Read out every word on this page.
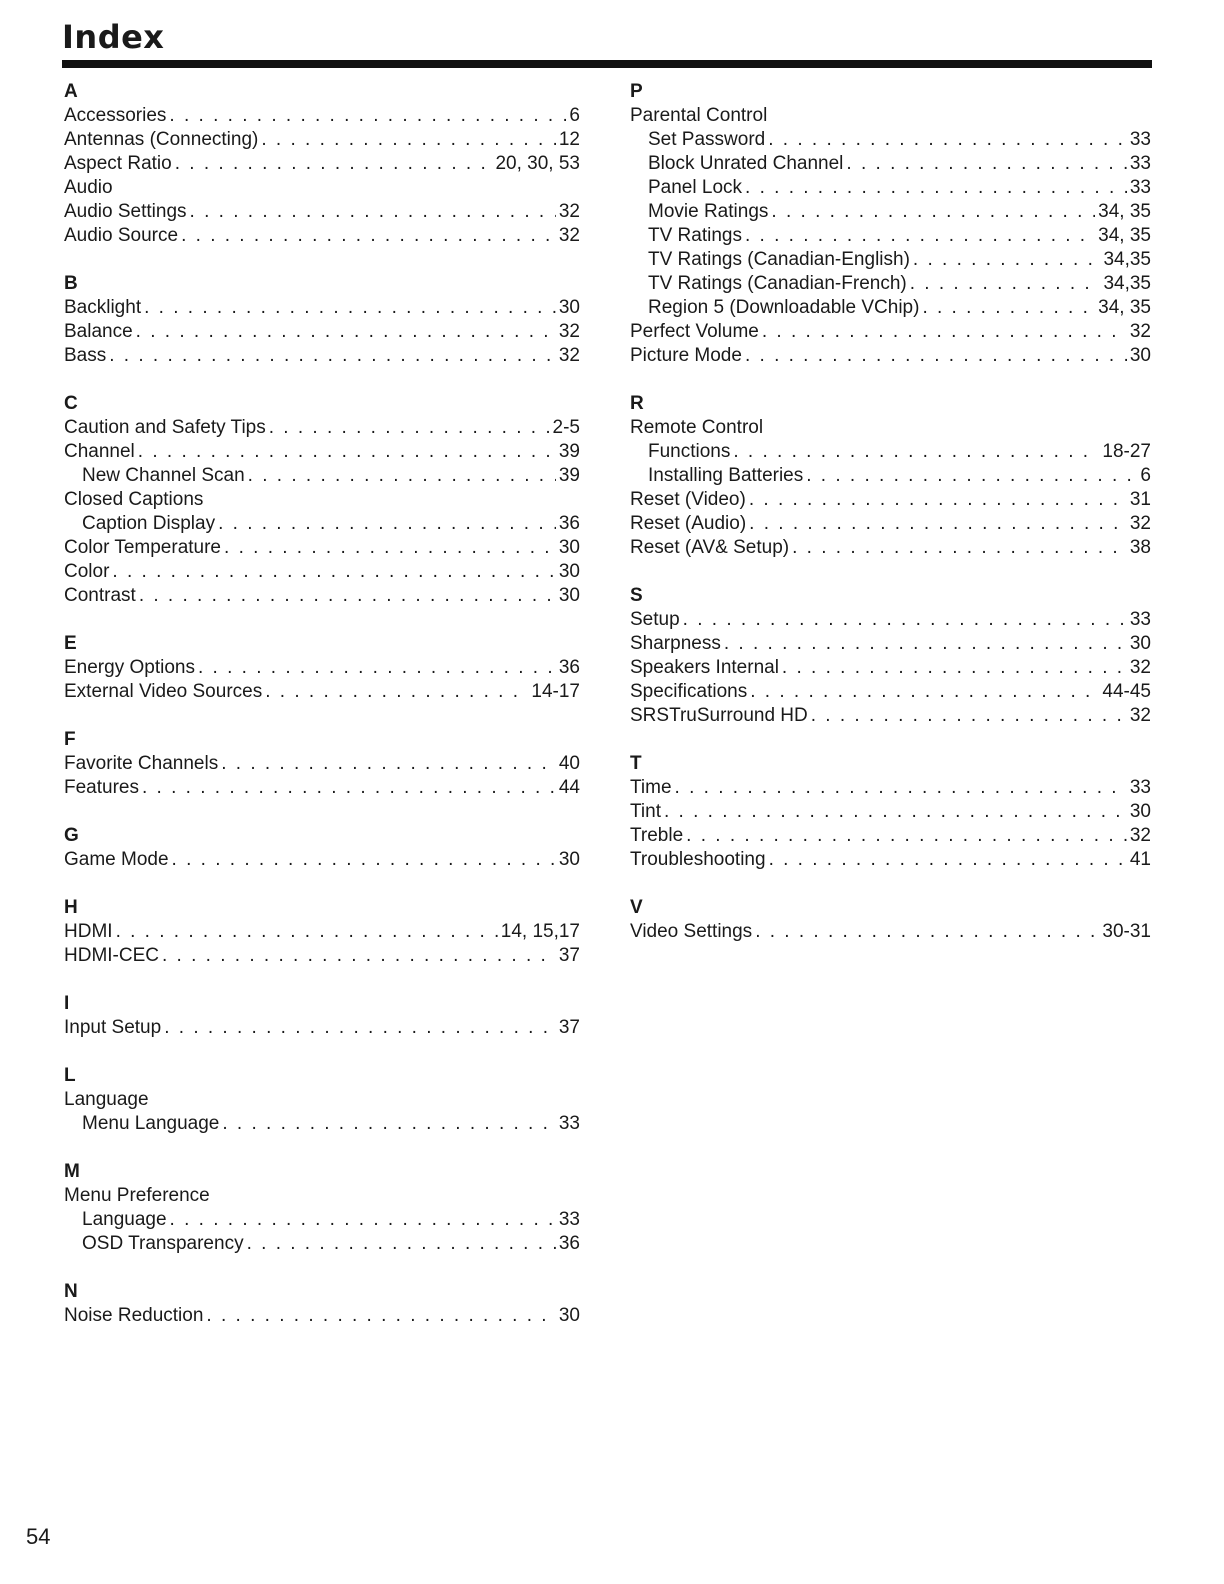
Index
A
Accessories . . .	6
Antennas (Connecting) . . .	12
Aspect Ratio . . .	20, 30, 53
Audio
Audio Settings . . .	32
Audio Source . . .	32
B
Backlight . . .	30
Balance . . .	32
Bass . . .	32
C
Caution and Safety Tips . . .	2-5
Channel . . .	39
New Channel Scan . . .	39
Closed Captions
Caption Display . . .	36
Color Temperature . . .	30
Color . . .	30
Contrast . . .	30
E
Energy Options . . .	36
External Video Sources . . .	14-17
F
Favorite Channels . . .	40
Features . . .	44
G
Game Mode . . .	30
H
HDMI . . .	14, 15,17
HDMI-CEC . . .	37
I
Input Setup . . .	37
L
Language
Menu Language . . .	33
M
Menu Preference
Language . . .	33
OSD Transparency . . .	36
N
Noise Reduction . . .	30
P
Parental Control
Set Password . . .	33
Block Unrated Channel . . .	33
Panel Lock . . .	33
Movie Ratings . . .	34, 35
TV Ratings . . .	34, 35
TV Ratings (Canadian-English) . . .	34,35
TV Ratings (Canadian-French) . . .	34,35
Region 5 (Downloadable VChip) . . .	34, 35
Perfect Volume . . .	32
Picture Mode . . .	30
R
Remote Control
Functions . . .	18-27
Installing Batteries . . .	6
Reset (Video) . . .	31
Reset (Audio) . . .	32
Reset (AV& Setup) . . .	38
S
Setup . . .	33
Sharpness . . .	30
Speakers Internal . . .	32
Specifications . . .	44-45
SRSTruSurround HD . . .	32
T
Time . . .	33
Tint . . .	30
Treble . . .	32
Troubleshooting . . .	41
V
Video Settings . . .	30-31
54
